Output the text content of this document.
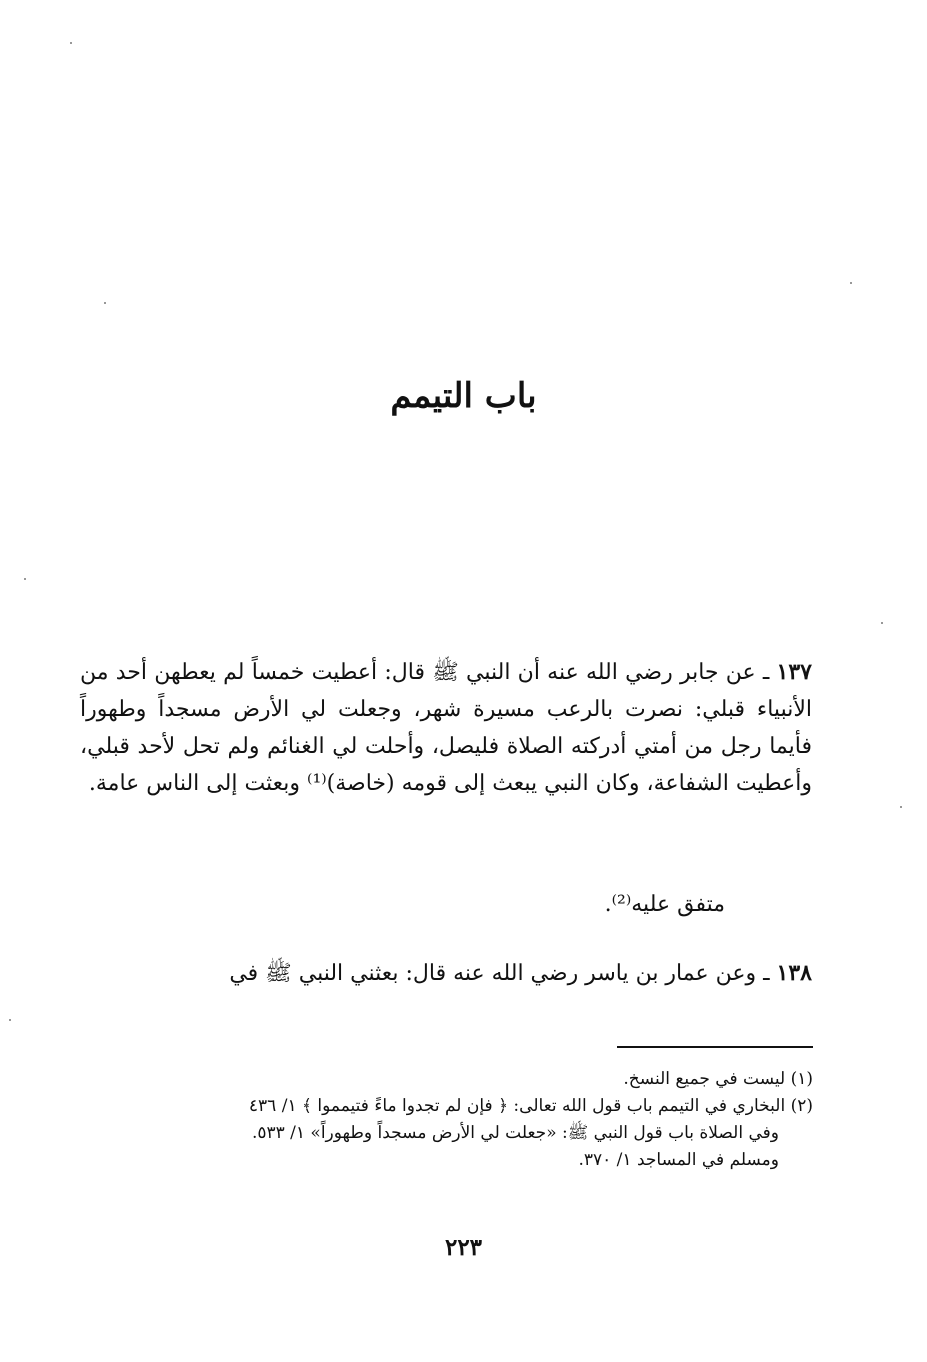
باب التيمم
١٣٧ ـ عن جابر رضي الله عنه أن النبي ﷺ قال: أعطيت خمساً لم يعطهن أحد من الأنبياء قبلي: نصرت بالرعب مسيرة شهر، وجعلت لي الأرض مسجداً وطهوراً فأيما رجل من أمتي أدركته الصلاة فليصل، وأحلت لي الغنائم ولم تحل لأحد قبلي، وأعطيت الشفاعة، وكان النبي يبعث إلى قومه (خاصة)⁽¹⁾ وبعثت إلى الناس عامة.
متفق عليه⁽²⁾.
١٣٨ ـ وعن عمار بن ياسر رضي الله عنه قال: بعثني النبي ﷺ في
(١) ليست في جميع النسخ.
(٢) البخاري في التيمم باب قول الله تعالى: ﴿ فإن لم تجدوا ماءً فتيمموا ﴾ ١/ ٤٣٦
وفي الصلاة باب قول النبي ﷺ: «جعلت لي الأرض مسجداً وطهوراً» ١/ ٥٣٣.
ومسلم في المساجد ١/ ٣٧٠.
٢٢٣
